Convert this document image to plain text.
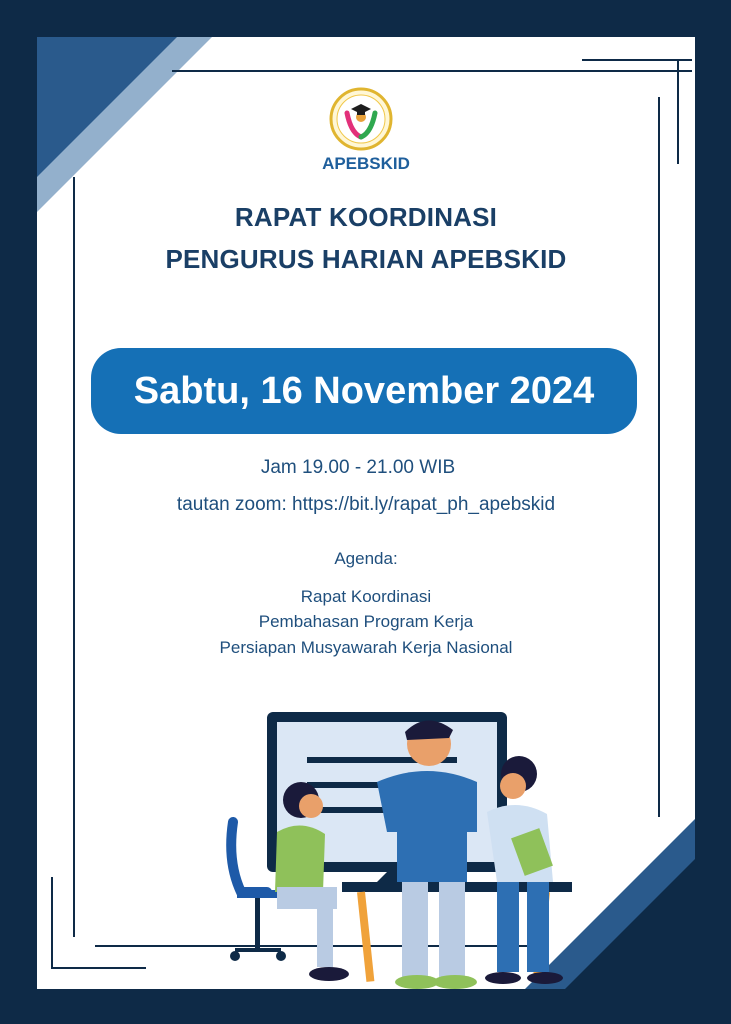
APEBSKID
RAPAT KOORDINASI
PENGURUS HARIAN APEBSKID
Sabtu, 16 November 2024
Jam 19.00 - 21.00 WIB
tautan zoom: https://bit.ly/rapat_ph_apebskid
Agenda:
Rapat Koordinasi
Pembahasan Program Kerja
Persiapan Musyawarah Kerja Nasional
